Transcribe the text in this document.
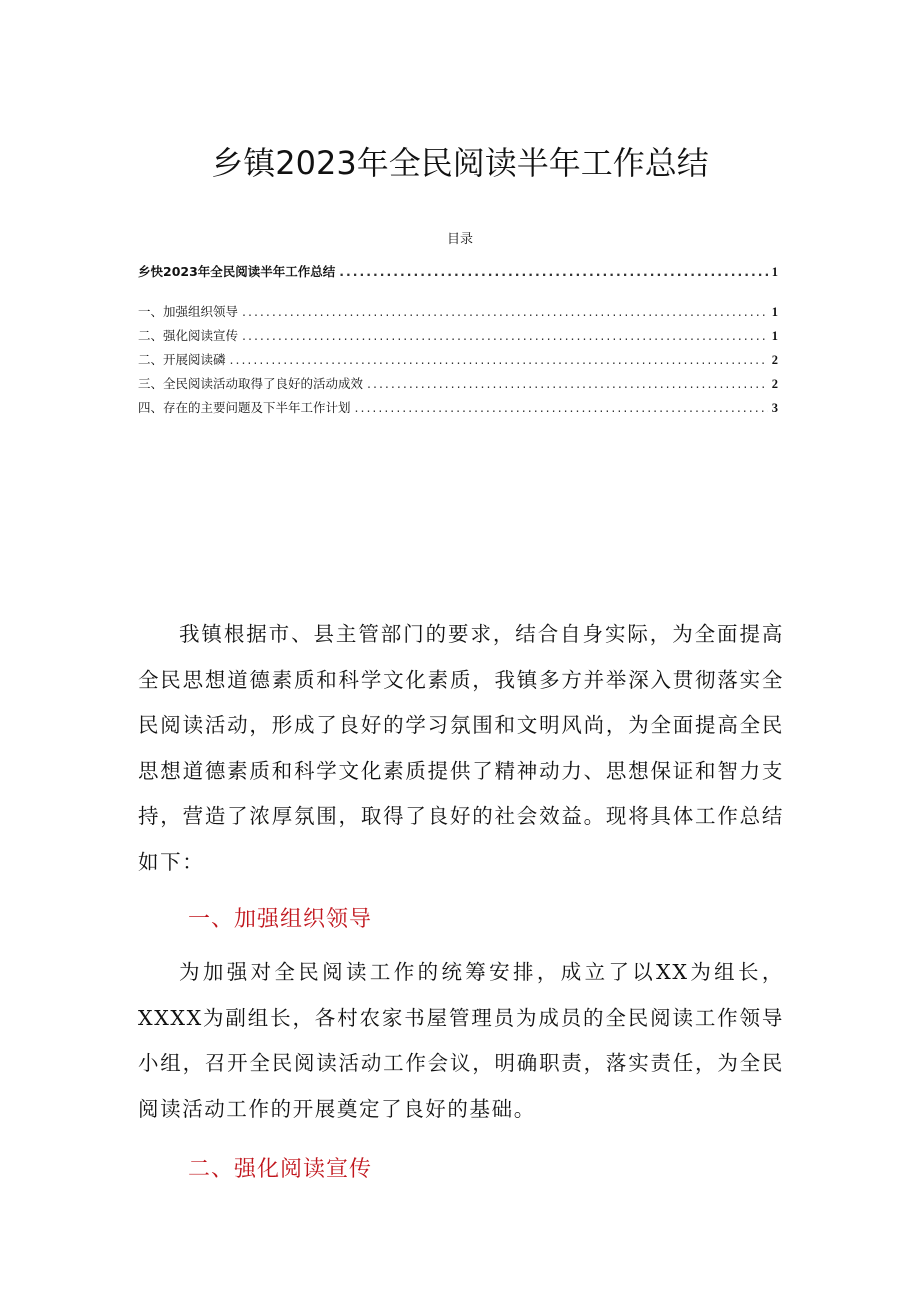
乡镇2023年全民阅读半年工作总结
目录
乡快2023年全民阅读半年工作总结 .....	1
一、加强组织领导 .....	1
二、强化阅读宣传 .....	1
二、开展阅读磷 .....	2
三、全民阅读活动取得了良好的活动成效 .....	2
四、存在的主要问题及下半年工作计划 .....	3

我镇根据市、县主管部门的要求，结合自身实际，为全面提高全民思想道德素质和科学文化素质，我镇多方并举深入贯彻落实全民阅读活动，形成了良好的学习氛围和文明风尚，为全面提高全民思想道德素质和科学文化素质提供了精神动力、思想保证和智力支持，营造了浓厚氛围，取得了良好的社会效益。现将具体工作总结如下：

一、加强组织领导

为加强对全民阅读工作的统筹安排，成立了以XX为组长，XXXX为副组长，各村农家书屋管理员为成员的全民阅读工作领导小组，召开全民阅读活动工作会议，明确职责，落实责任，为全民阅读活动工作的开展奠定了良好的基础。

二、强化阅读宣传
